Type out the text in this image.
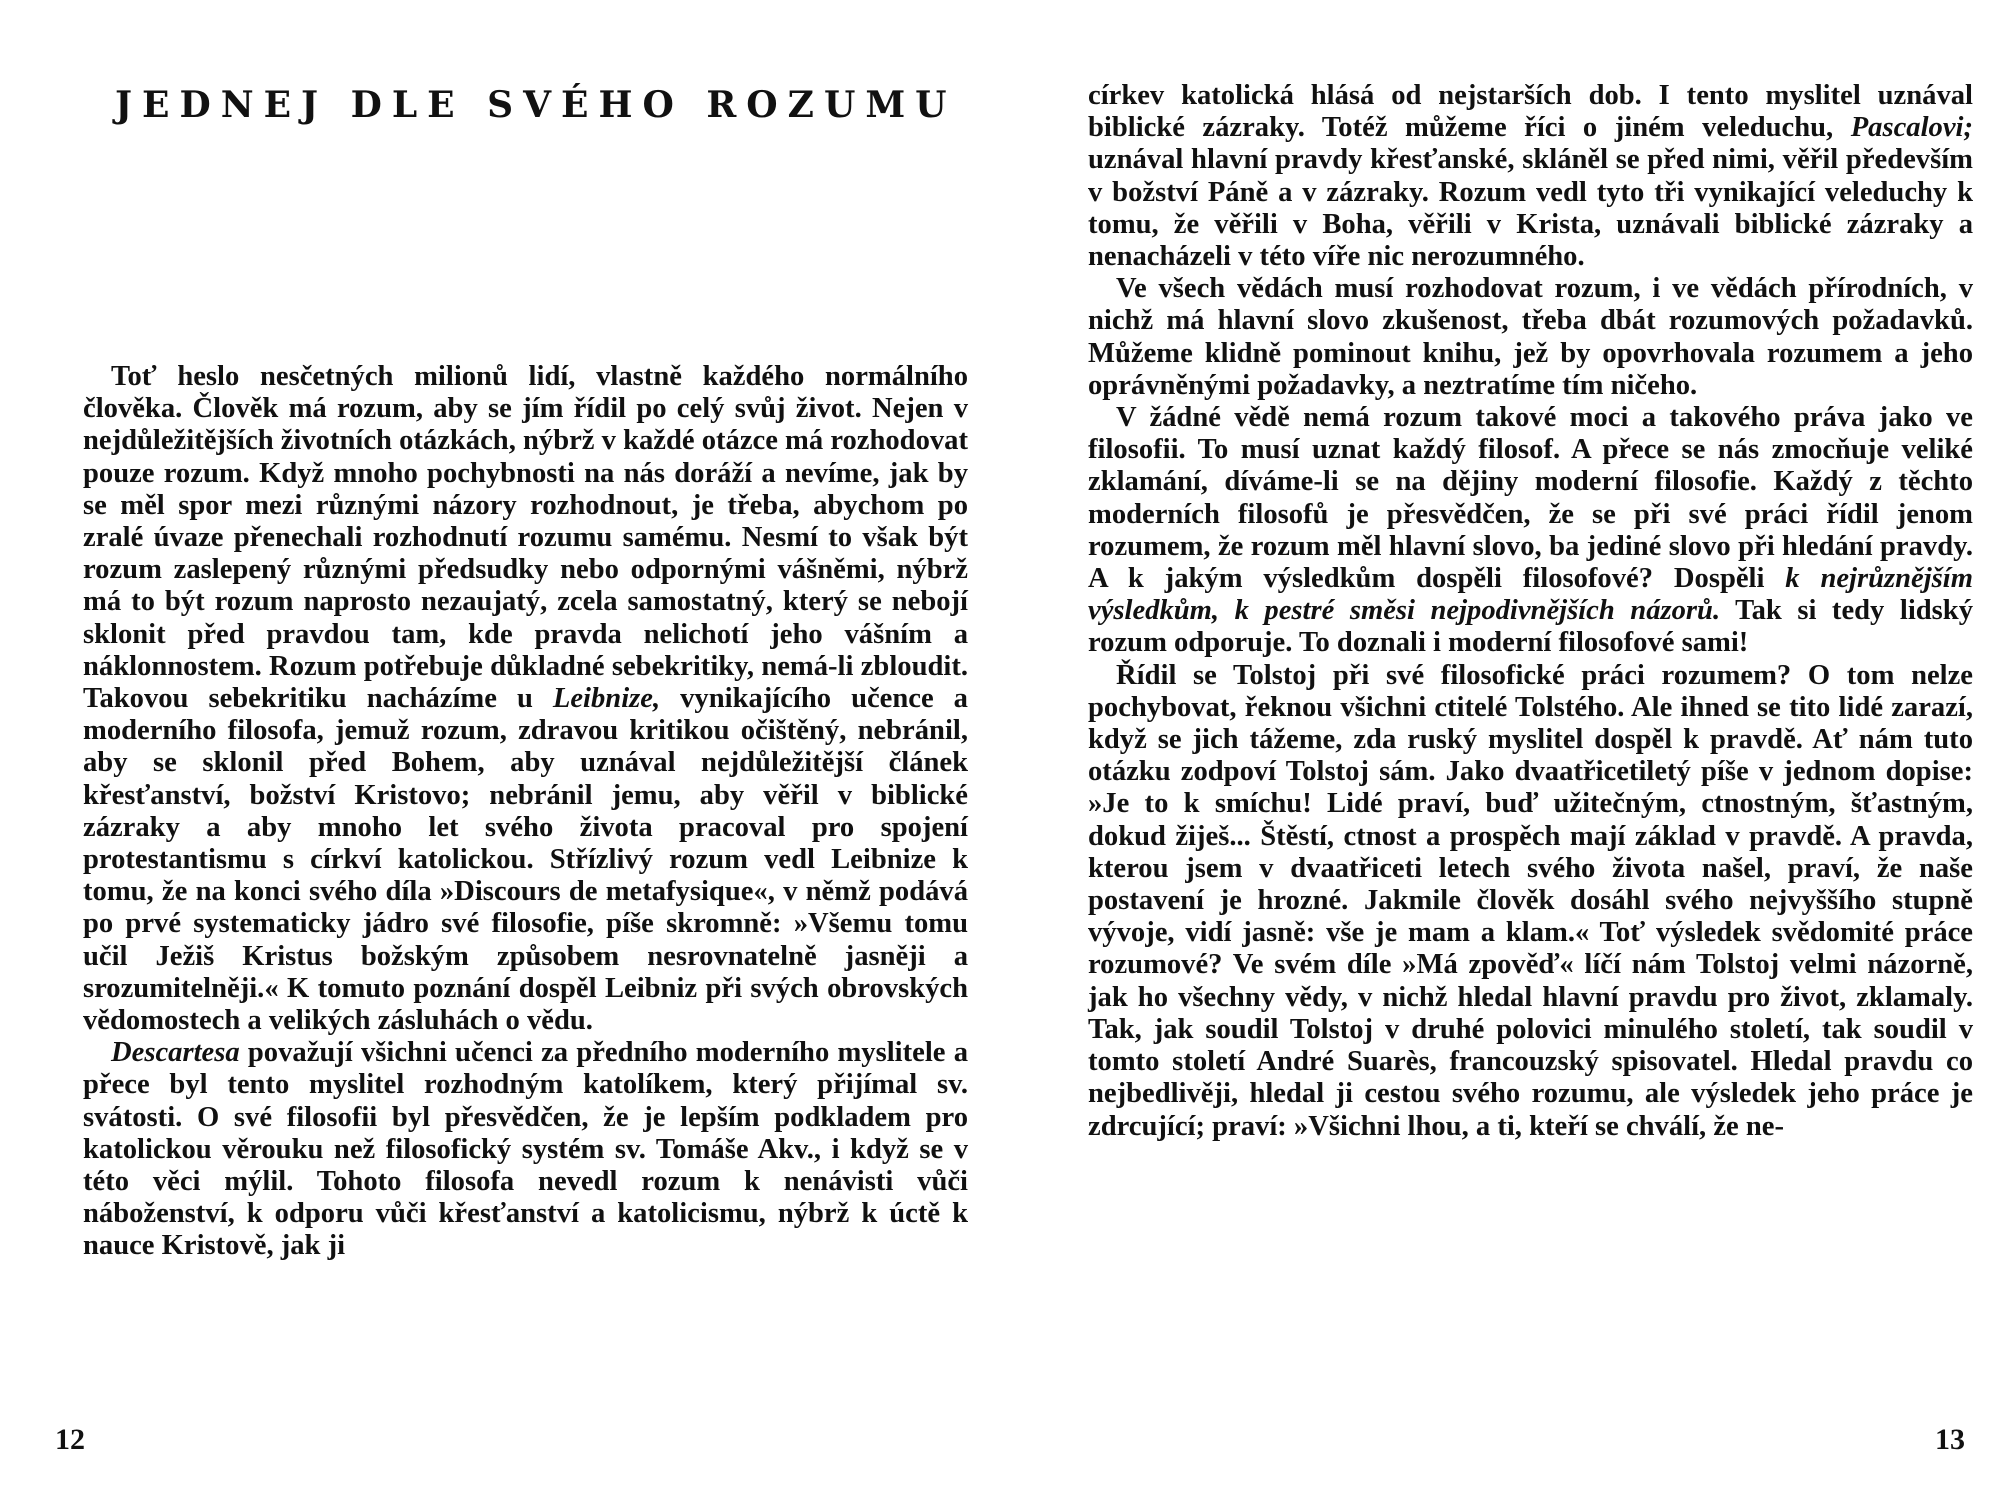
JEDNEJ DLE SVÉHO ROZUMU

Toť heslo nesčetných milionů lidí, vlastně každého normálního člověka. Člověk má rozum, aby se jím řídil po celý svůj život. Nejen v nejdůležitějších životních otázkách, nýbrž v každé otázce má rozhodovat pouze rozum. Když mnoho pochybnosti na nás doráží a nevíme, jak by se měl spor mezi různými názory rozhodnout, je třeba, abychom po zralé úvaze přenechali rozhodnutí rozumu samému. Nesmí to však být rozum zaslepený různými předsudky nebo odpornými vášněmi, nýbrž má to být rozum naprosto nezaujatý, zcela samostatný, který se nebojí sklonit před pravdou tam, kde pravda nelichotí jeho vášním a náklonnostem. Rozum potřebuje důkladné sebekritiky, nemá-li zbloudit. Takovou sebekritiku nacházíme u Leibnize, vynikajícího učence a moderního filosofa, jemuž rozum, zdravou kritikou očištěný, nebránil, aby se sklonil před Bohem, aby uznával nejdůležitější článek křesťanství, božství Kristovo; nebránil jemu, aby věřil v biblické zázraky a aby mnoho let svého života pracoval pro spojení protestantismu s církví katolickou. Střízlivý rozum vedl Leibnize k tomu, že na konci svého díla »Discours de metafysique«, v němž podává po prvé systematicky jádro své filosofie, píše skromně: »Všemu tomu učil Ježiš Kristus božským způsobem nesrovnatelně jasněji a srozumitelněji.« K tomuto poznání dospěl Leibniz při svých obrovských vědomostech a velikých zásluhách o vědu.

Descartesa považují všichni učenci za předního moderního myslitele a přece byl tento myslitel rozhodným katolíkem, který přijímal sv. svátosti. O své filosofii byl přesvědčen, že je lepším podkladem pro katolickou věrouku než filosofický systém sv. Tomáše Akv., i když se v této věci mýlil. Tohoto filosofa nevedl rozum k nenávisti vůči náboženství, k odporu vůči křesťanství a katolicismu, nýbrž k úctě k nauce Kristově, jak ji

12

církev katolická hlásá od nejstarších dob. I tento myslitel uznával biblické zázraky. Totéž můžeme říci o jiném veleduchu, Pascalovi; uznával hlavní pravdy křesťanské, skláněl se před nimi, věřil především v božství Páně a v zázraky. Rozum vedl tyto tři vynikající veleduchy k tomu, že věřili v Boha, věřili v Krista, uznávali biblické zázraky a nenacházeli v této víře nic nerozumného.

Ve všech vědách musí rozhodovat rozum, i ve vědách přírodních, v nichž má hlavní slovo zkušenost, třeba dbát rozumových požadavků. Můžeme klidně pominout knihu, jež by opovrhovala rozumem a jeho oprávněnými požadavky, a neztratíme tím ničeho.

V žádné vědě nemá rozum takové moci a takového práva jako ve filosofii. To musí uznat každý filosof. A přece se nás zmocňuje veliké zklamání, díváme-li se na dějiny moderní filosofie. Každý z těchto moderních filosofů je přesvědčen, že se při své práci řídil jenom rozumem, že rozum měl hlavní slovo, ba jediné slovo při hledání pravdy. A k jakým výsledkům dospěli filosofové? Dospěli k nejrůznějším výsledkům, k pestré směsi nejpodivnějších názorů. Tak si tedy lidský rozum odporuje. To doznali i moderní filosofové sami!

Řídil se Tolstoj při své filosofické práci rozumem? O tom nelze pochybovat, řeknou všichni ctitelé Tolstého. Ale ihned se tito lidé zarazí, když se jich tážeme, zda ruský myslitel dospěl k pravdě. Ať nám tuto otázku zodpoví Tolstoj sám. Jako dvaatřicetiletý píše v jednom dopise: »Je to k smíchu! Lidé praví, buď užitečným, ctnostným, šťastným, dokud žiješ... Štěstí, ctnost a prospěch mají základ v pravdě. A pravda, kterou jsem v dvaatřiceti letech svého života našel, praví, že naše postavení je hrozné. Jakmile člověk dosáhl svého nejvyššího stupně vývoje, vidí jasně: vše je mam a klam.« Toť výsledek svědomité práce rozumové? Ve svém díle »Má zpověď« líčí nám Tolstoj velmi názorně, jak ho všechny vědy, v nichž hledal hlavní pravdu pro život, zklamaly. Tak, jak soudil Tolstoj v druhé polovici minulého století, tak soudil v tomto století André Suarès, francouzský spisovatel. Hledal pravdu co nejbedlivěji, hledal ji cestou svého rozumu, ale výsledek jeho práce je zdrcující; praví: »Všichni lhou, a ti, kteří se chválí, že ne-

13
